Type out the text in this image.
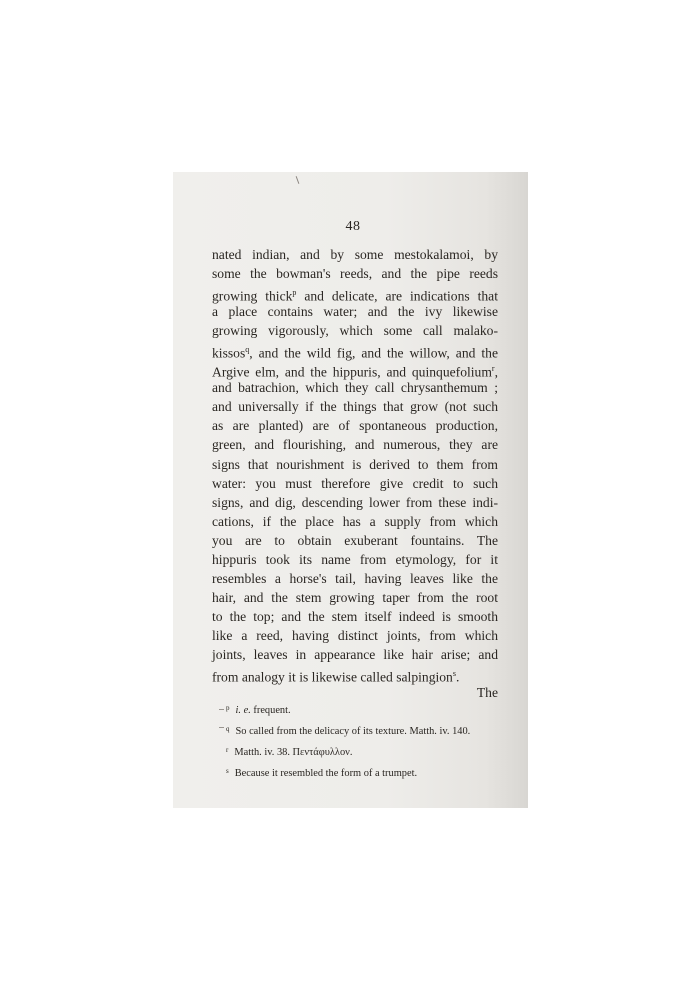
48
nated indian, and by some mestokalamoi, by
some the bowman's reeds, and the pipe reeds
growing thick$^p$ and delicate, are indications that
a place contains water; and the ivy likewise
growing vigorously, which some call malako-
kissos$^q$, and the wild fig, and the willow, and the
Argive elm, and the hippuris, and quinquefolium$^r$,
and batrachion, which they call chrysanthemum ;
and universally if the things that grow (not such
as are planted) are of spontaneous production,
green, and flourishing, and numerous, they are
signs that nourishment is derived to them from
water: you must therefore give credit to such
signs, and dig, descending lower from these indi-
cations, if the place has a supply from which
you are to obtain exuberant fountains. The
hippuris took its name from etymology, for it
resembles a horse's tail, having leaves like the
hair, and the stem growing taper from the root
to the top; and the stem itself indeed is smooth
like a reed, having distinct joints, from which
joints, leaves in appearance like hair arise; and
from analogy it is likewise called salpingion$^s$.
The
$^p$ i. e. frequent.
$^q$ So called from the delicacy of its texture. Matth. iv. 140.
$^r$ Matth. iv. 38. Πεντάφυλλον.
$^s$ Because it resembled the form of a trumpet.
